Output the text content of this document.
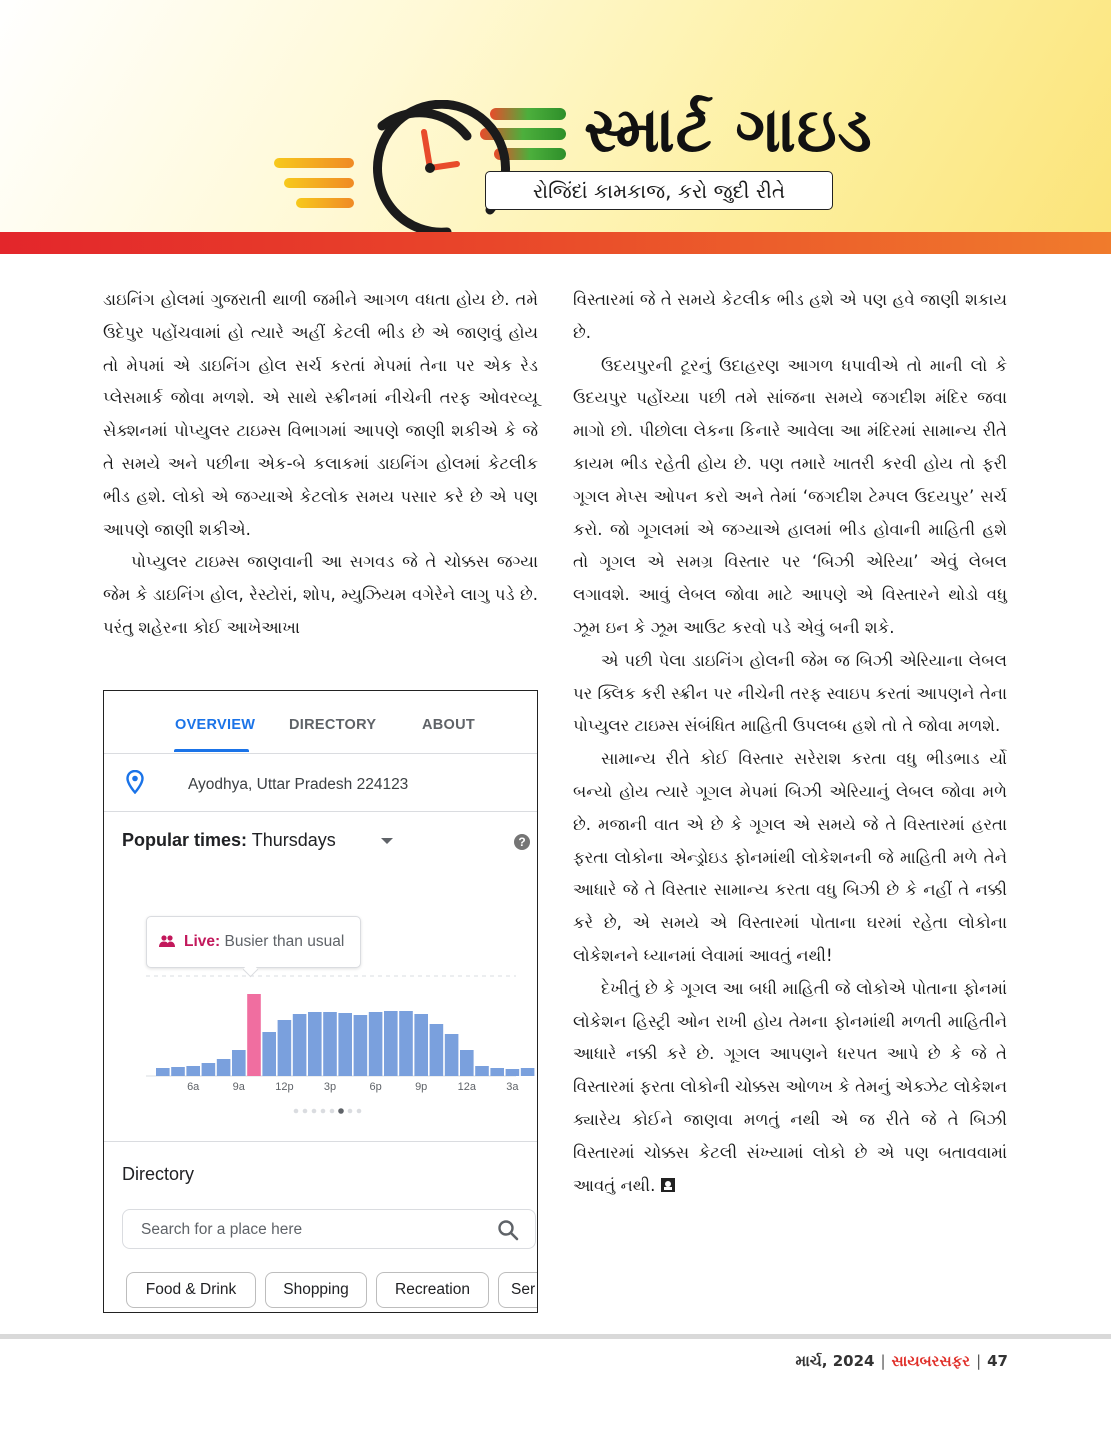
સ્માર્ટ ગાઇડ
રોજિંદાં કામકાજ, કરો જુદી રીતે

ડાઇનિંગ હોલમાં ગુજરાતી થાળી જમીને આગળ વધતા હોય છે. તમે ઉદેપુર પહોંચવામાં હો ત્યારે અહીં કેટલી ભીડ છે એ જાણવું હોય તો મેપમાં એ ડાઇનિંગ હોલ સર્ચ કરતાં મેપમાં તેના પર એક રેડ પ્લેસમાર્ક જોવા મળશે. એ સાથે સ્ક્રીનમાં નીચેની તરફ ઓવરવ્યૂ સેક્શનમાં પોપ્યુલર ટાઇમ્સ વિભાગમાં આપણે જાણી શકીએ કે જે તે સમયે અને પછીના એક-બે કલાકમાં ડાઇનિંગ હોલમાં કેટલીક ભીડ હશે. લોકો એ જગ્યાએ કેટલોક સમય પસાર કરે છે એ પણ આપણે જાણી શકીએ.

પોપ્યુલર ટાઇમ્સ જાણવાની આ સગવડ જે તે ચોક્કસ જગ્યા જેમ કે ડાઇનિંગ હોલ, રેસ્ટોરાં, શોપ, મ્યુઝિયમ વગેરેને લાગુ પડે છે. પરંતુ શહેરના કોઈ આખેઆખા

વિસ્તારમાં જે તે સમયે કેટલીક ભીડ હશે એ પણ હવે જાણી શકાય છે.

ઉદયપુરની ટૂરનું ઉદાહરણ આગળ ધપાવીએ તો માની લો કે ઉદયપુર પહોંચ્યા પછી તમે સાંજના સમયે જગદીશ મંદિર જવા માગો છો. પીછોલા લેકના કિનારે આવેલા આ મંદિરમાં સામાન્ય રીતે કાયમ ભીડ રહેતી હોય છે. પણ તમારે ખાતરી કરવી હોય તો ફરી ગૂગલ મેપ્સ ઓપન કરો અને તેમાં ‘જગદીશ ટેમ્પલ ઉદયપુર’ સર્ચ કરો. જો ગૂગલમાં એ જગ્યાએ હાલમાં ભીડ હોવાની માહિતી હશે તો ગૂગલ એ સમગ્ર વિસ્તાર પર ‘બિઝી એરિયા’ એવું લેબલ લગાવશે. આવું લેબલ જોવા માટે આપણે એ વિસ્તારને થોડો વધુ ઝૂમ ઇન કે ઝૂમ આઉટ કરવો પડે એવું બની શકે.

એ પછી પેલા ડાઇનિંગ હોલની જેમ જ બિઝી એરિયાના લેબલ પર ક્લિક કરી સ્ક્રીન પર નીચેની તરફ સ્વાઇપ કરતાં આપણને તેના પોપ્યુલર ટાઇમ્સ સંબંધિત માહિતી ઉપલબ્ધ હશે તો તે જોવા મળશે.

સામાન્ય રીતે કોઈ વિસ્તાર સરેરાશ કરતા વધુ ભીડભાડ ર્યો બન્યો હોય ત્યારે ગૂગલ મેપમાં બિઝી એરિયાનું લેબલ જોવા મળે છે. મજાની વાત એ છે કે ગૂગલ એ સમયે જે તે વિસ્તારમાં હરતા ફરતા લોકોના એન્ડ્રોઇડ ફોનમાંથી લોકેશનની જે માહિતી મળે તેને આધારે જે તે વિસ્તાર સામાન્ય કરતા વધુ બિઝી છે કે નહીં તે નક્કી કરે છે, એ સમયે એ વિસ્તારમાં પોતાના ઘરમાં રહેતા લોકોના લોકેશનને ધ્યાનમાં લેવામાં આવતું નથી!

દેખીતું છે કે ગૂગલ આ બધી માહિતી જે લોકોએ પોતાના ફોનમાં લોકેશન હિસ્ટ્રી ઓન રાખી હોય તેમના ફોનમાંથી મળતી માહિતીને આધારે નક્કી કરે છે. ગૂગલ આપણને ધરપત આપે છે કે જે તે વિસ્તારમાં ફરતા લોકોની ચોક્કસ ઓળખ કે તેમનું એક્ઝેટ લોકેશન ક્યારેય કોઈને જાણવા મળતું નથી એ જ રીતે જે તે બિઝી વિસ્તારમાં ચોક્કસ કેટલી સંખ્યામાં લોકો છે એ પણ બતાવવામાં આવતું નથી.

OVERVIEW DIRECTORY	ABOUT
Ayodhya, Uttar Pradesh 224123
Popular times: Thursdays	?
Live: Busier than usual
6a	9a	12p	3p	6p	9p	12a	3a
Directory
Search for a place here
Food & Drink	Shopping	Recreation	Ser
માર્ચ, 2024 | સાયબરસફર | 47
